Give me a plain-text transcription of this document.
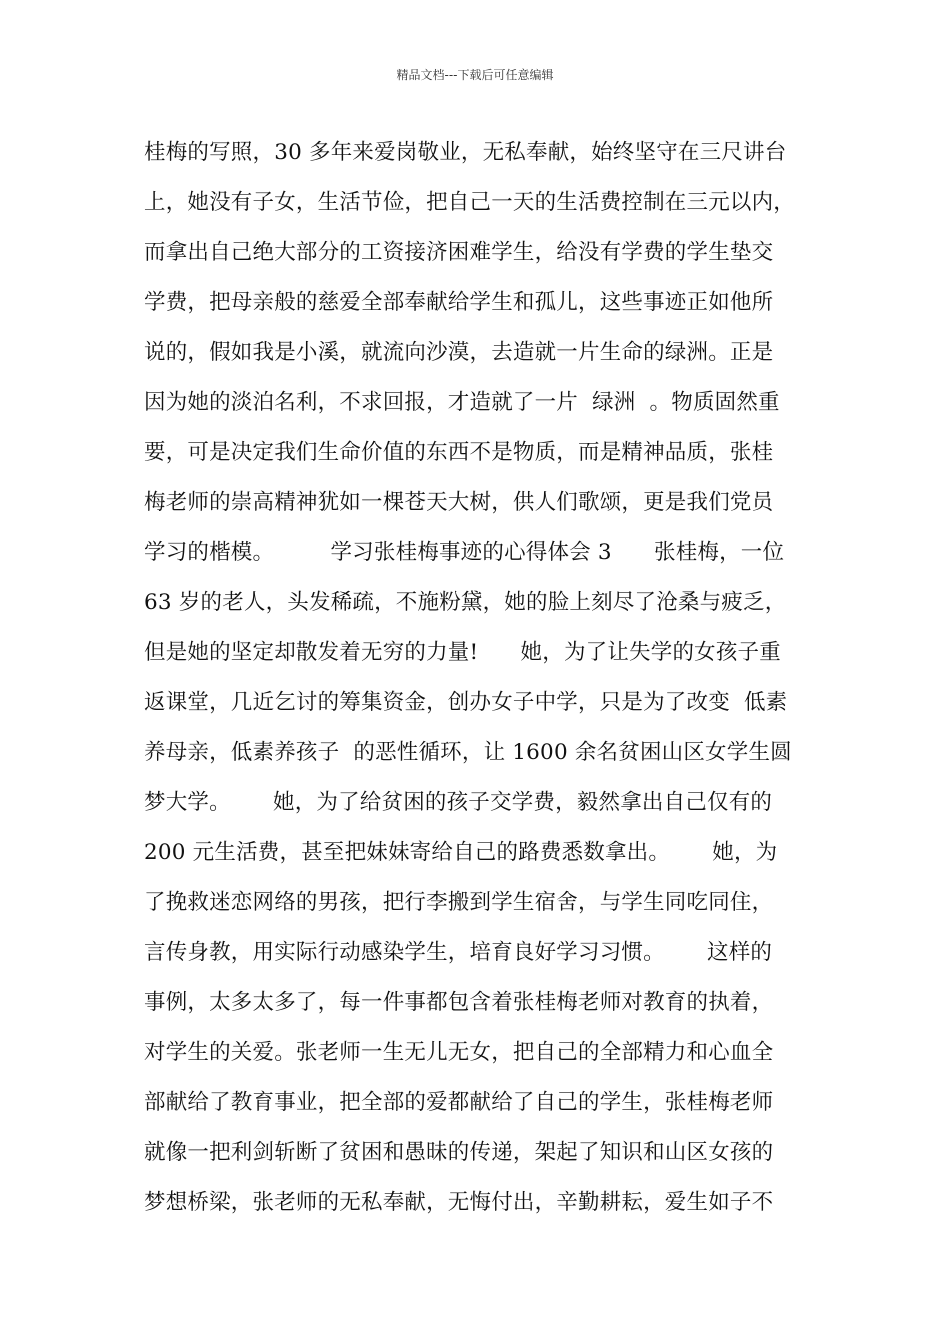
精品文档---下载后可任意编辑
桂梅的写照，30 多年来爱岗敬业，无私奉献，始终坚守在三尺讲台
上，她没有子女，生活节俭，把自己一天的生活费控制在三元以内，
而拿出自己绝大部分的工资接济困难学生，给没有学费的学生垫交
学费，把母亲般的慈爱全部奉献给学生和孤儿，这些事迹正如他所
说的，假如我是小溪，就流向沙漠，去造就一片生命的绿洲。正是
因为她的淡泊名利，不求回报，才造就了一片  绿洲  。物质固然重
要，可是决定我们生命价值的东西不是物质，而是精神品质，张桂
梅老师的崇高精神犹如一棵苍天大树，供人们歌颂，更是我们党员
学习的楷模。        学习张桂梅事迹的心得体会 3      张桂梅，一位
63 岁的老人，头发稀疏，不施粉黛，她的脸上刻尽了沧桑与疲乏，
但是她的坚定却散发着无穷的力量!      她，为了让失学的女孩子重
返课堂，几近乞讨的筹集资金，创办女子中学，只是为了改变  低素
养母亲，低素养孩子  的恶性循环，让 1600 余名贫困山区女学生圆
梦大学。      她，为了给贫困的孩子交学费，毅然拿出自己仅有的
200 元生活费，甚至把妹妹寄给自己的路费悉数拿出。      她，为
了挽救迷恋网络的男孩，把行李搬到学生宿舍，与学生同吃同住，
言传身教，用实际行动感染学生，培育良好学习习惯。      这样的
事例，太多太多了，每一件事都包含着张桂梅老师对教育的执着，
对学生的关爱。张老师一生无儿无女，把自己的全部精力和心血全
部献给了教育事业，把全部的爱都献给了自己的学生，张桂梅老师
就像一把利剑斩断了贫困和愚昧的传递，架起了知识和山区女孩的
梦想桥梁，张老师的无私奉献，无悔付出，辛勤耕耘，爱生如子不
